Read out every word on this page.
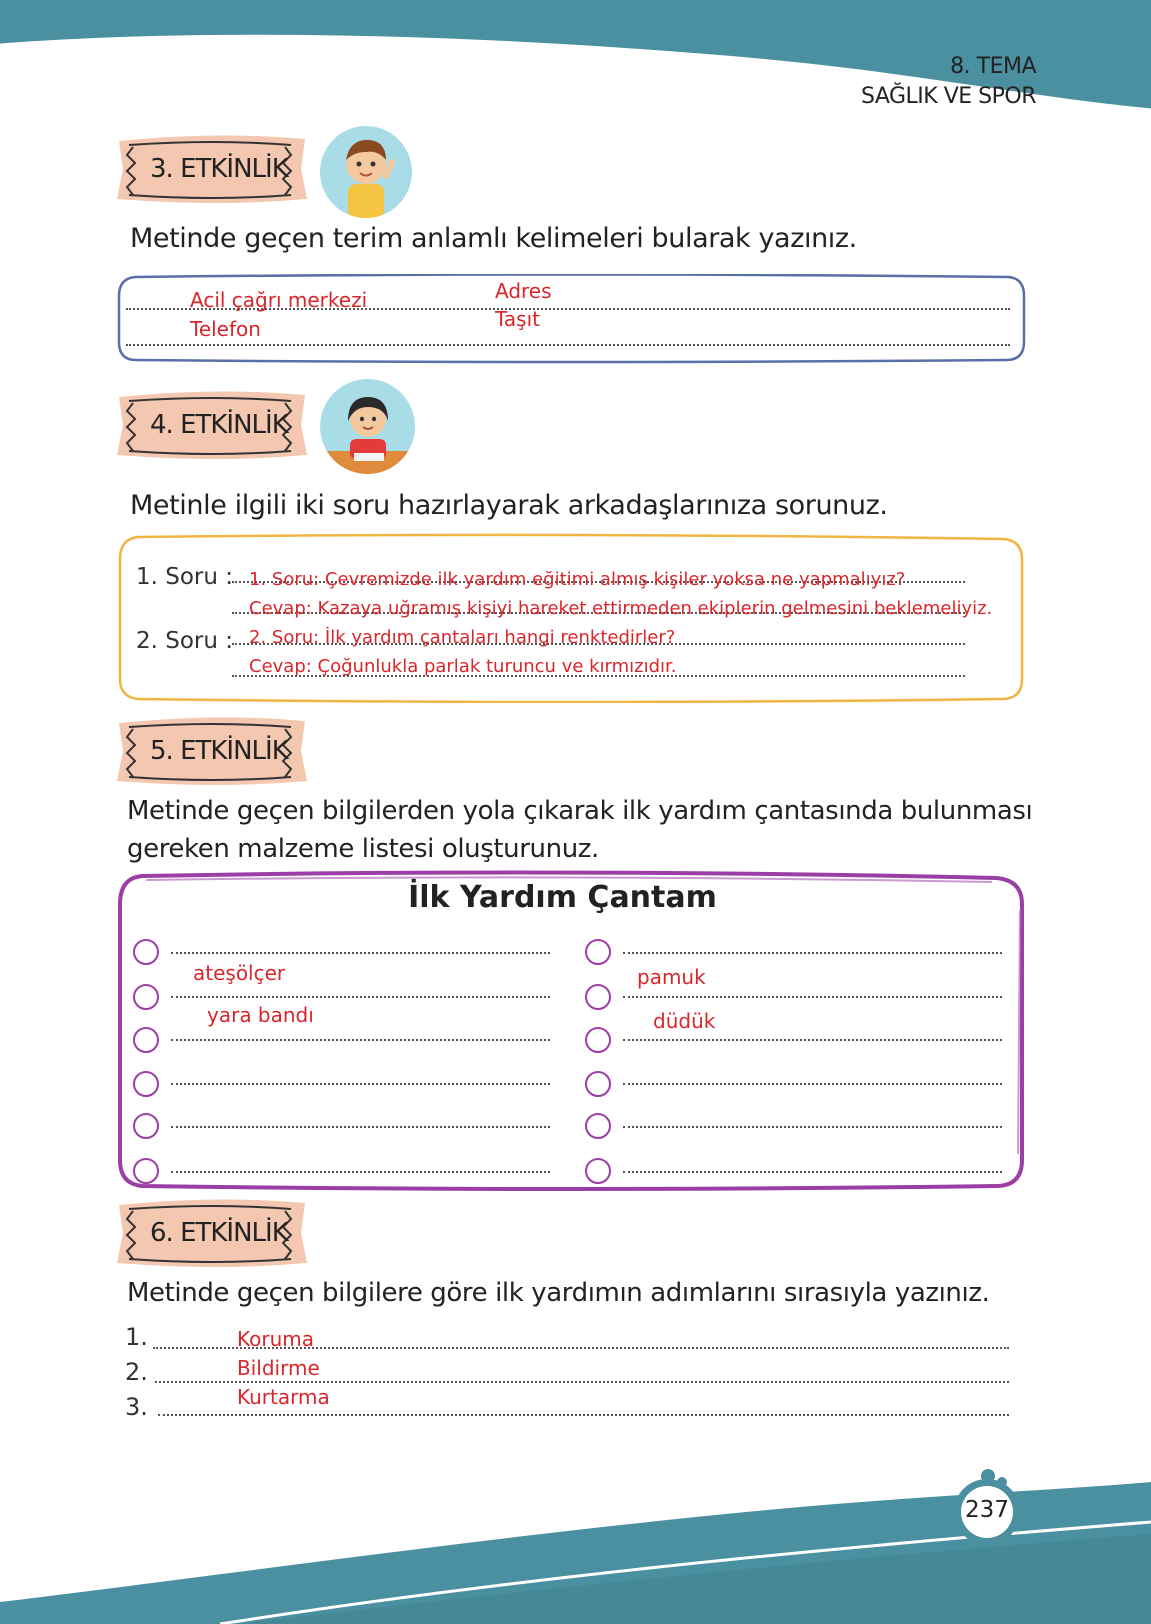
8. TEMA
SAĞLIK VE SPOR
3. ETKİNLİK
Metinde geçen terim anlamlı kelimeleri bularak yazınız.
Acil çağrı merkezi
Telefon
Adres
Taşıt
4. ETKİNLİK
Metinle ilgili iki soru hazırlayarak arkadaşlarınıza sorunuz.
1. Soru :
2. Soru :
1. Soru: Çevremizde ilk yardım eğitimi almış kişiler yoksa ne yapmalıyız?
Cevap: Kazaya uğramış kişiyi hareket ettirmeden ekiplerin gelmesini beklemeliyiz.
2. Soru: İlk yardım çantaları hangi renktedirler?
Cevap: Çoğunlukla parlak turuncu ve kırmızıdır.
5. ETKİNLİK
Metinde geçen bilgilerden yola çıkarak ilk yardım çantasında bulunması
gereken malzeme listesi oluşturunuz.
İlk Yardım Çantam
ateşölçer
yara bandı
pamuk
düdük
6. ETKİNLİK
Metinde geçen bilgilere göre ilk yardımın adımlarını sırasıyla yazınız.
1.
2.
3.
Koruma
Bildirme
Kurtarma
237
